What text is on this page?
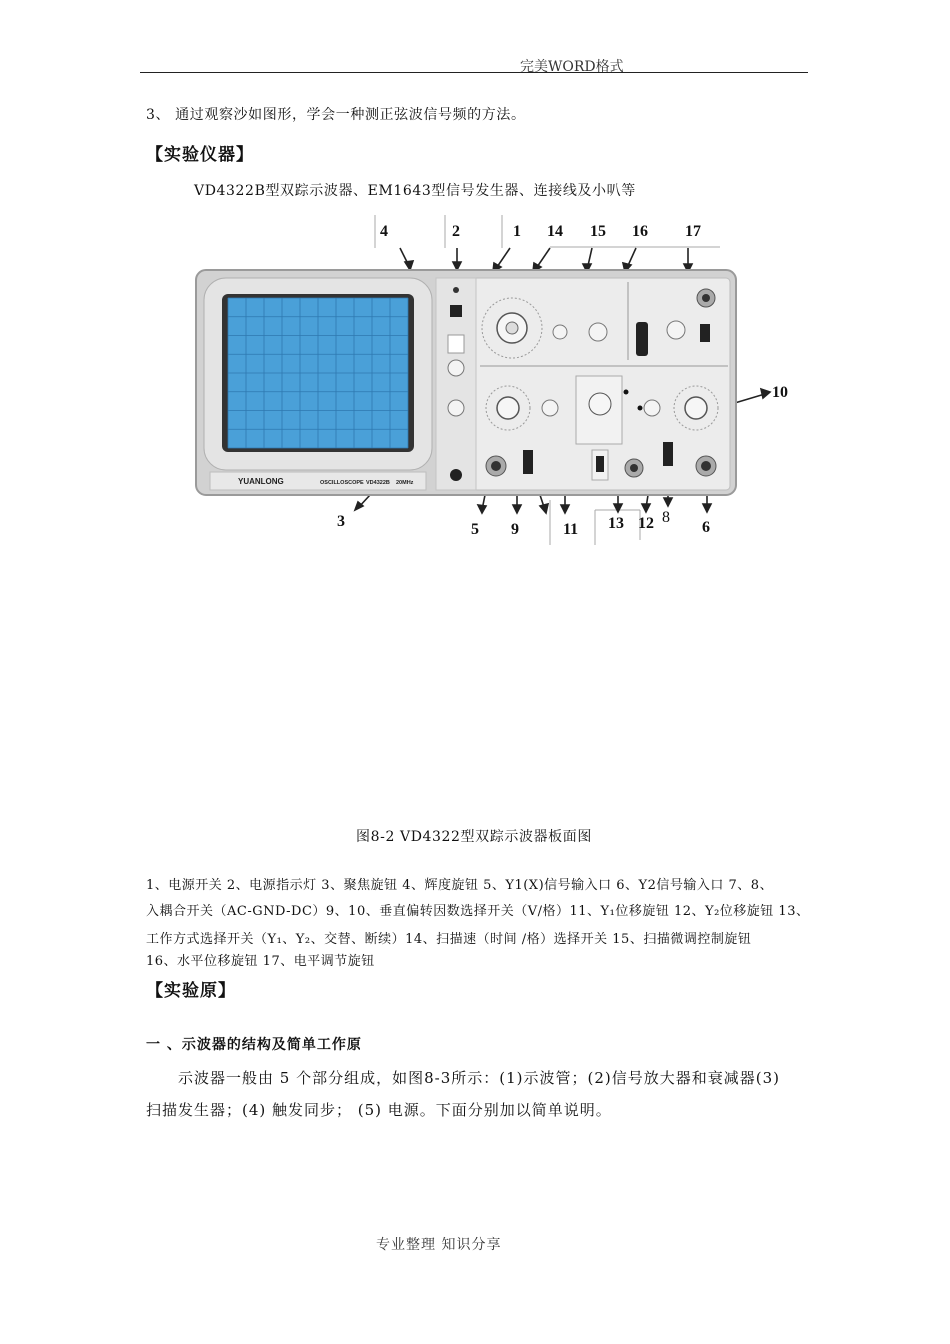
完美WORD格式
3、 通过观察沙如图形，学会一种测正弦波信号频的方法。
【实验仪器】
VD4322B型双踪示波器、EM1643型信号发生器、连接线及小叭等
YUANLONG	OSCILLOSCOPE VD4322B 20MHz
4	2	1 14 15 16 17
10
3	5 9	11 13 12 8
6
图8-2 VD4322型双踪示波器板面图
1、电源开关 2、电源指示灯 3、聚焦旋钮 4、辉度旋钮 5、Y1(X)信号输入口 6、Y2信号输入口 7、8、
入耦合开关（AC-GND-DC）9、10、垂直偏转因数选择开关（V/格）11、Y₁位移旋钮 12、Y₂位移旋钮 13、
工作方式选择开关（Y₁、Y₂、交替、断续）14、扫描速（时间 /格）选择开关 15、扫描微调控制旋钮
16、水平位移旋钮 17、电平调节旋钮
【实验原】
一 、示波器的结构及简单工作原
示波器一般由 5 个部分组成，如图8-3所示：(1)示波管；(2)信号放大器和衰减器(3)
扫描发生器；(4) 触发同步； (5) 电源。下面分别加以简单说明。
专业整理 知识分享
